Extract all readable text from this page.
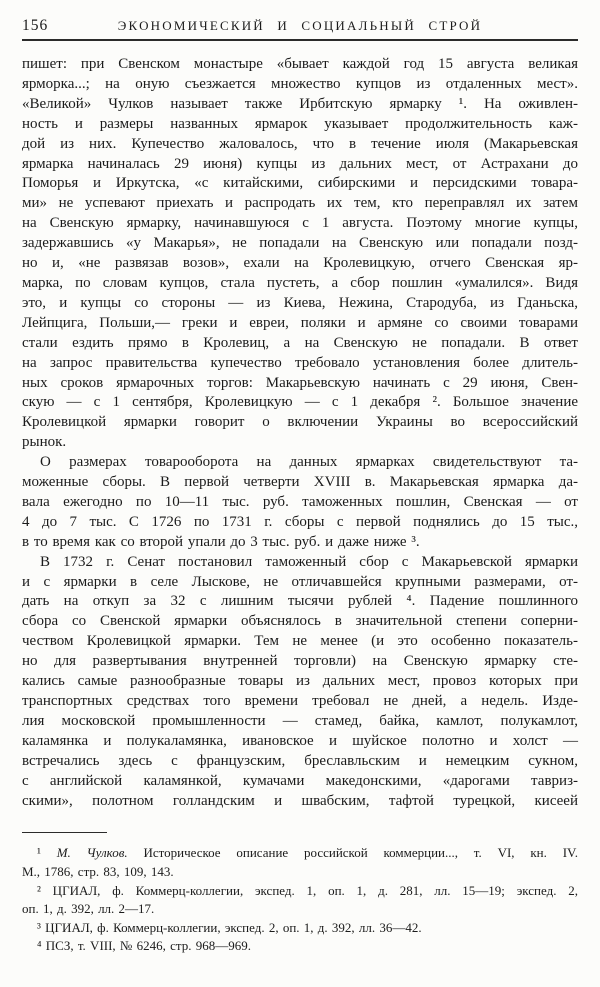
156	ЭКОНОМИЧЕСКИЙ И СОЦИАЛЬНЫЙ СТРОЙ
пишет: при Свенском монастыре «бывает каждой год 15 августа великая
ярморка...; на оную съезжается множество купцов из отдаленных мест».
«Великой» Чулков называет также Ирбитскую ярмарку ¹. На оживлен-
ность и размеры названных ярмарок указывает продолжительность каж-
дой из них. Купечество жаловалось, что в течение июля (Макарьевская
ярмарка начиналась 29 июня) купцы из дальних мест, от Астрахани до
Поморья и Иркутска, «с китайскими, сибирскими и персидскими товара-
ми» не успевают приехать и распродать их тем, кто переправлял их затем
на Свенскую ярмарку, начинавшуюся с 1 августа. Поэтому многие купцы,
задержавшись «у Макарья», не попадали на Свенскую или попадали позд-
но и, «не развязав возов», ехали на Кролевицкую, отчего Свенская яр-
марка, по словам купцов, стала пустеть, а сбор пошлин «умалился». Видя
это, и купцы со стороны — из Киева, Нежина, Стародуба, из Гданьска,
Лейпцига, Польши,— греки и евреи, поляки и армяне со своими товарами
стали ездить прямо в Кролевиц, а на Свенскую не попадали. В ответ
на запрос правительства купечество требовало установления более длитель-
ных сроков ярмарочных торгов: Макарьевскую начинать с 29 июня, Свен-
скую — с 1 сентября, Кролевицкую — с 1 декабря ². Большое значение
Кролевицкой ярмарки говорит о включении Украины во всероссийский
рынок.
О размерах товарооборота на данных ярмарках свидетельствуют та-
моженные сборы. В первой четверти XVIII в. Макарьевская ярмарка да-
вала ежегодно по 10—11 тыс. руб. таможенных пошлин, Свенская — от
4 до 7 тыс. С 1726 по 1731 г. сборы с первой поднялись до 15 тыс.,
в то время как со второй упали до 3 тыс. руб. и даже ниже ³.
В 1732 г. Сенат постановил таможенный сбор с Макарьевской ярмарки
и с ярмарки в селе Лыскове, не отличавшейся крупными размерами, от-
дать на откуп за 32 с лишним тысячи рублей ⁴. Падение пошлинного
сбора со Свенской ярмарки объяснялось в значительной степени соперни-
чеством Кролевицкой ярмарки. Тем не менее (и это особенно показатель-
но для развертывания внутренней торговли) на Свенскую ярмарку сте-
кались самые разнообразные товары из дальних мест, провоз которых при
транспортных средствах того времени требовал не дней, а недель. Изде-
лия московской промышленности — стамед, байка, камлот, полукамлот,
каламянка и полукаламянка, ивановское и шуйское полотно и холст —
встречались здесь с французским, бреславльским и немецким сукном,
с английской каламянкой, кумачами македонскими, «дарогами тавриз-
скими», полотном голландским и швабским, тафтой турецкой, кисеей
¹ М. Чулков. Историческое описание российской коммерции..., т. VI, кн. IV.
М., 1786, стр. 83, 109, 143.
² ЦГИАЛ, ф. Коммерц-коллегии, экспед. 1, оп. 1, д. 281, лл. 15—19; экспед. 2,
оп. 1, д. 392, лл. 2—17.
³ ЦГИАЛ, ф. Коммерц-коллегии, экспед. 2, оп. 1, д. 392, лл. 36—42.
⁴ ПСЗ, т. VIII, № 6246, стр. 968—969.
